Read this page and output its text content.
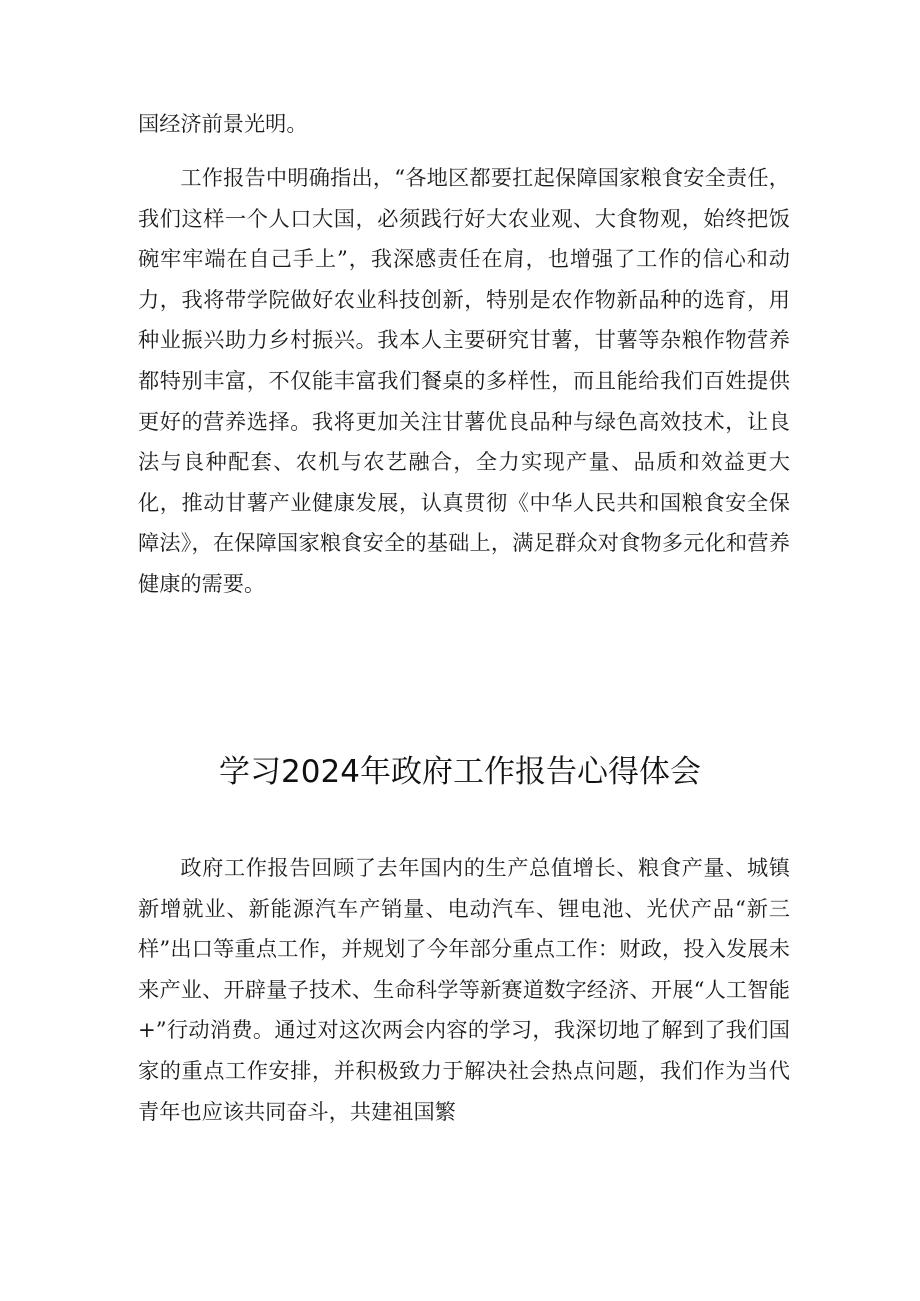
国经济前景光明。

工作报告中明确指出，“各地区都要扛起保障国家粮食安全责任，我们这样一个人口大国，必须践行好大农业观、大食物观，始终把饭碗牢牢端在自己手上”，我深感责任在肩，也增强了工作的信心和动力，我将带学院做好农业科技创新，特别是农作物新品种的选育，用种业振兴助力乡村振兴。我本人主要研究甘薯，甘薯等杂粮作物营养都特别丰富，不仅能丰富我们餐桌的多样性，而且能给我们百姓提供更好的营养选择。我将更加关注甘薯优良品种与绿色高效技术，让良法与良种配套、农机与农艺融合，全力实现产量、品质和效益更大化，推动甘薯产业健康发展，认真贯彻《中华人民共和国粮食安全保障法》，在保障国家粮食安全的基础上，满足群众对食物多元化和营养健康的需要。

学习2024年政府工作报告心得体会

政府工作报告回顾了去年国内的生产总值增长、粮食产量、城镇新增就业、新能源汽车产销量、电动汽车、锂电池、光伏产品“新三样”出口等重点工作，并规划了今年部分重点工作：财政，投入发展未来产业、开辟量子技术、生命科学等新赛道数字经济、开展“人工智能+”行动消费。通过对这次两会内容的学习，我深切地了解到了我们国家的重点工作安排，并积极致力于解决社会热点问题，我们作为当代青年也应该共同奋斗，共建祖国繁
